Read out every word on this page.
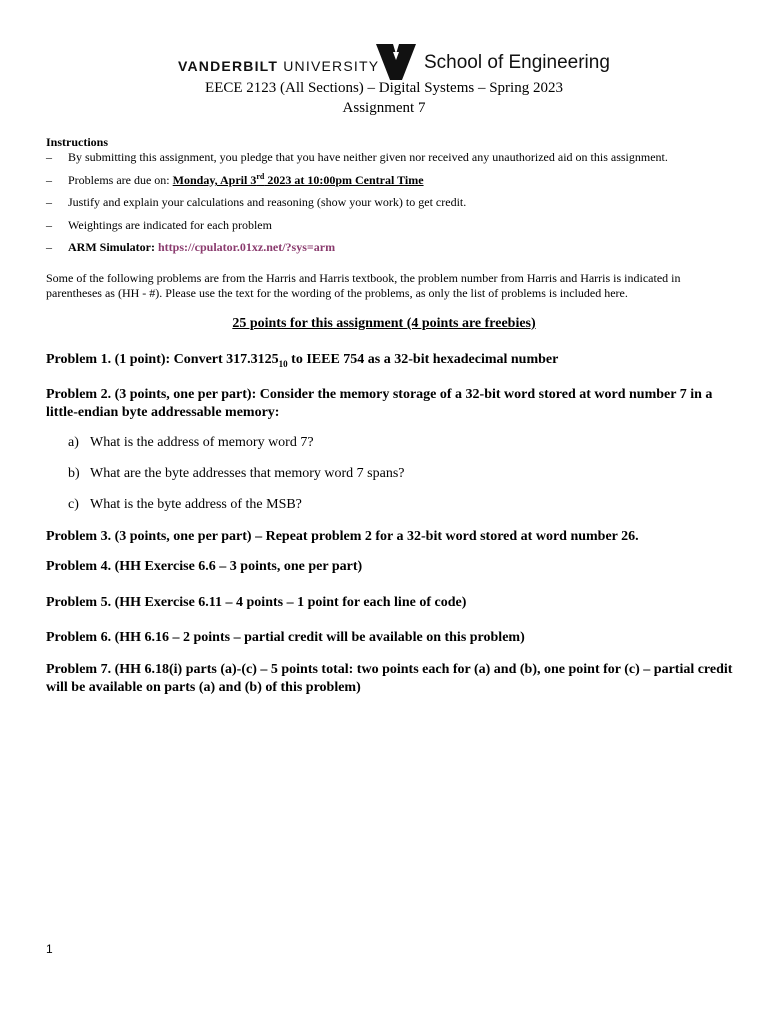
VANDERBILT UNIVERSITY School of Engineering
EECE 2123 (All Sections) – Digital Systems – Spring 2023
Assignment 7
Instructions
– By submitting this assignment, you pledge that you have neither given nor received any unauthorized aid on this assignment.
– Problems are due on: Monday, April 3rd 2023 at 10:00pm Central Time
– Justify and explain your calculations and reasoning (show your work) to get credit.
– Weightings are indicated for each problem
– ARM Simulator: https://cpulator.01xz.net/?sys=arm
Some of the following problems are from the Harris and Harris textbook, the problem number from Harris and Harris is indicated in parentheses as (HH - #). Please use the text for the wording of the problems, as only the list of problems is included here.
25 points for this assignment (4 points are freebies)
Problem 1. (1 point): Convert $317.3125_{10}$ to IEEE 754 as a 32-bit hexadecimal number
Problem 2. (3 points, one per part): Consider the memory storage of a 32-bit word stored at word number 7 in a little-endian byte addressable memory:
a) What is the address of memory word 7?
b) What are the byte addresses that memory word 7 spans?
c) What is the byte address of the MSB?
Problem 3. (3 points, one per part) – Repeat problem 2 for a 32-bit word stored at word number 26.
Problem 4. (HH Exercise 6.6 – 3 points, one per part)
Problem 5. (HH Exercise 6.11 – 4 points – 1 point for each line of code)
Problem 6. (HH 6.16 – 2 points – partial credit will be available on this problem)
Problem 7. (HH 6.18(i) parts (a)-(c) – 5 points total: two points each for (a) and (b), one point for (c) – partial credit will be available on parts (a) and (b) of this problem)
1
